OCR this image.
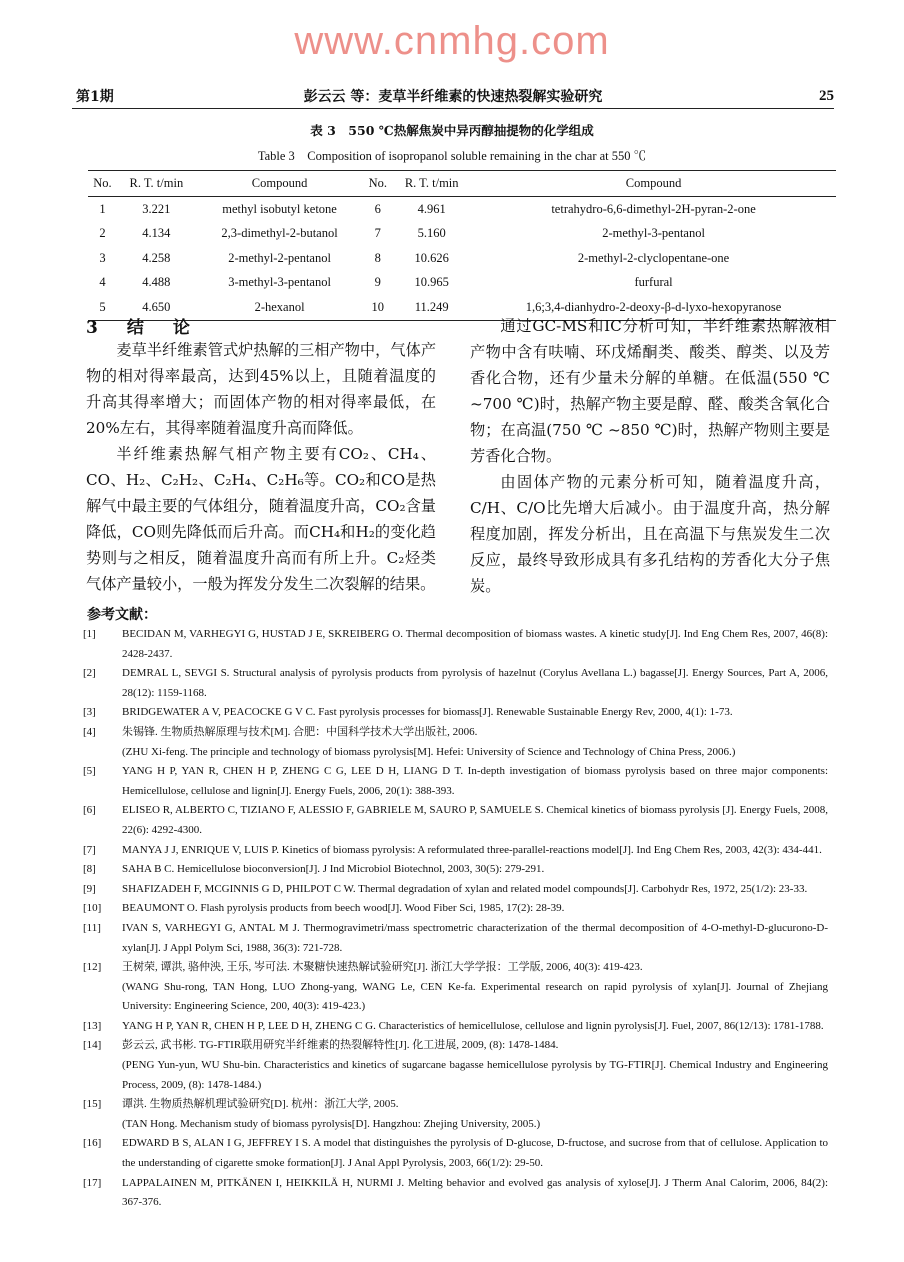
第1期	彭云云 等：麦草半纤维素的快速热裂解实验研究	25
表 3　550 ℃热解焦炭中异丙醇抽提物的化学组成
Table 3　Composition of isopropanol soluble remaining in the char at 550 ℃
No.	R. T. t/min	Compound	No.	R. T. t/min	Compound
1	3.221	methyl isobutyl ketone	6	4.961	tetrahydro-6,6-dimethyl-2H-pyran-2-one
2	4.134	2,3-dimethyl-2-butanol	7	5.160	2-methyl-3-pentanol
3	4.258	2-methyl-2-pentanol	8	10.626	2-methyl-2-clyclopentane-one
4	4.488	3-methyl-3-pentanol	9	10.965	furfural
5	4.650	2-hexanol	10	11.249	1,6;3,4-dianhydro-2-deoxy-β-d-lyxo-hexopyranose
3　结　论

麦草半纤维素管式炉热解的三相产物中，气体产物的相对得率最高，达到45%以上，且随着温度的升高其得率增大；而固体产物的相对得率最低，在20%左右，其得率随着温度升高而降低。

半纤维素热解气相产物主要有CO₂、CH₄、CO、H₂、C₂H₂、C₂H₄、C₂H₆等。CO₂和CO是热解气中最主要的气体组分，随着温度升高，CO₂含量降低，CO则先降低而后升高。而CH₄和H₂的变化趋势则与之相反，随着温度升高而有所上升。C₂烃类气体产量较小，一般为挥发分发生二次裂解的结果。

通过GC-MS和IC分析可知，半纤维素热解液相产物中含有呋喃、环戊烯酮类、酸类、醇类、以及芳香化合物，还有少量未分解的单糖。在低温(550 ℃ ~700 ℃)时，热解产物主要是醇、醛、酸类含氧化合物；在高温(750 ℃ ~850 ℃)时，热解产物则主要是芳香化合物。

由固体产物的元素分析可知，随着温度升高，C/H、C/O比先增大后减小。由于温度升高，热分解程度加剧，挥发分析出，且在高温下与焦炭发生二次反应，最终导致形成具有多孔结构的芳香化大分子焦炭。

参考文献：
[1] BECIDAN M, VARHEGYI G, HUSTAD J E, SKREIBERG O. Thermal decomposition of biomass wastes. A kinetic study[J]. Ind Eng Chem Res, 2007, 46(8): 2428-2437.
[2] DEMRAL L, SEVGI S. Structural analysis of pyrolysis products from pyrolysis of hazelnut (Corylus Avellana L.) bagasse[J]. Energy Sources, Part A, 2006, 28(12): 1159-1168.
[3] BRIDGEWATER A V, PEACOCKE G V C. Fast pyrolysis processes for biomass[J]. Renewable Sustainable Energy Rev, 2000, 4(1): 1-73.
[4] 朱锡锋. 生物质热解原理与技术[M]. 合肥：中国科学技术大学出版社, 2006.
(ZHU Xi-feng. The principle and technology of biomass pyrolysis[M]. Hefei: University of Science and Technology of China Press, 2006.)
[5] YANG H P, YAN R, CHEN H P, ZHENG C G, LEE D H, LIANG D T. In-depth investigation of biomass pyrolysis based on three major components: Hemicellulose, cellulose and lignin[J]. Energy Fuels, 2006, 20(1): 388-393.
[6] ELISEO R, ALBERTO C, TIZIANO F, ALESSIO F, GABRIELE M, SAURO P, SAMUELE S. Chemical kinetics of biomass pyrolysis [J]. Energy Fuels, 2008, 22(6): 4292-4300.
[7] MANYA J J, ENRIQUE V, LUIS P. Kinetics of biomass pyrolysis: A reformulated three-parallel-reactions model[J]. Ind Eng Chem Res, 2003, 42(3): 434-441.
[8] SAHA B C. Hemicellulose bioconversion[J]. J Ind Microbiol Biotechnol, 2003, 30(5): 279-291.
[9] SHAFIZADEH F, MCGINNIS G D, PHILPOT C W. Thermal degradation of xylan and related model compounds[J]. Carbohydr Res, 1972, 25(1/2): 23-33.
[10] BEAUMONT O. Flash pyrolysis products from beech wood[J]. Wood Fiber Sci, 1985, 17(2): 28-39.
[11] IVAN S, VARHEGYI G, ANTAL M J. Thermogravimetri/mass spectrometric characterization of the thermal decomposition of 4-O-methyl-D-glucurono-D-xylan[J]. J Appl Polym Sci, 1988, 36(3): 721-728.
[12] 王树荣, 谭洪, 骆仲泱, 王乐, 岑可法. 木聚糖快速热解试验研究[J]. 浙江大学学报：工学版, 2006, 40(3): 419-423.
(WANG Shu-rong, TAN Hong, LUO Zhong-yang, WANG Le, CEN Ke-fa. Experimental research on rapid pyrolysis of xylan[J]. Journal of Zhejiang University: Engineering Science, 200, 40(3): 419-423.)
[13] YANG H P, YAN R, CHEN H P, LEE D H, ZHENG C G. Characteristics of hemicellulose, cellulose and lignin pyrolysis[J]. Fuel, 2007, 86(12/13): 1781-1788.
[14] 彭云云, 武书彬. TG-FTIR联用研究半纤维素的热裂解特性[J]. 化工进展, 2009, (8): 1478-1484.
(PENG Yun-yun, WU Shu-bin. Characteristics and kinetics of sugarcane bagasse hemicellulose pyrolysis by TG-FTIR[J]. Chemical Industry and Engineering Process, 2009, (8): 1478-1484.)
[15] 谭洪. 生物质热解机理试验研究[D]. 杭州：浙江大学, 2005.
(TAN Hong. Mechanism study of biomass pyrolysis[D]. Hangzhou: Zhejing University, 2005.)
[16] EDWARD B S, ALAN I G, JEFFREY I S. A model that distinguishes the pyrolysis of D-glucose, D-fructose, and sucrose from that of cellulose. Application to the understanding of cigarette smoke formation[J]. J Anal Appl Pyrolysis, 2003, 66(1/2): 29-50.
[17] LAPPALAINEN M, PITKÄNEN I, HEIKKILÄ H, NURMI J. Melting behavior and evolved gas analysis of xylose[J]. J Therm Anal Calorim, 2006, 84(2): 367-376.
www.cnmhg.com
